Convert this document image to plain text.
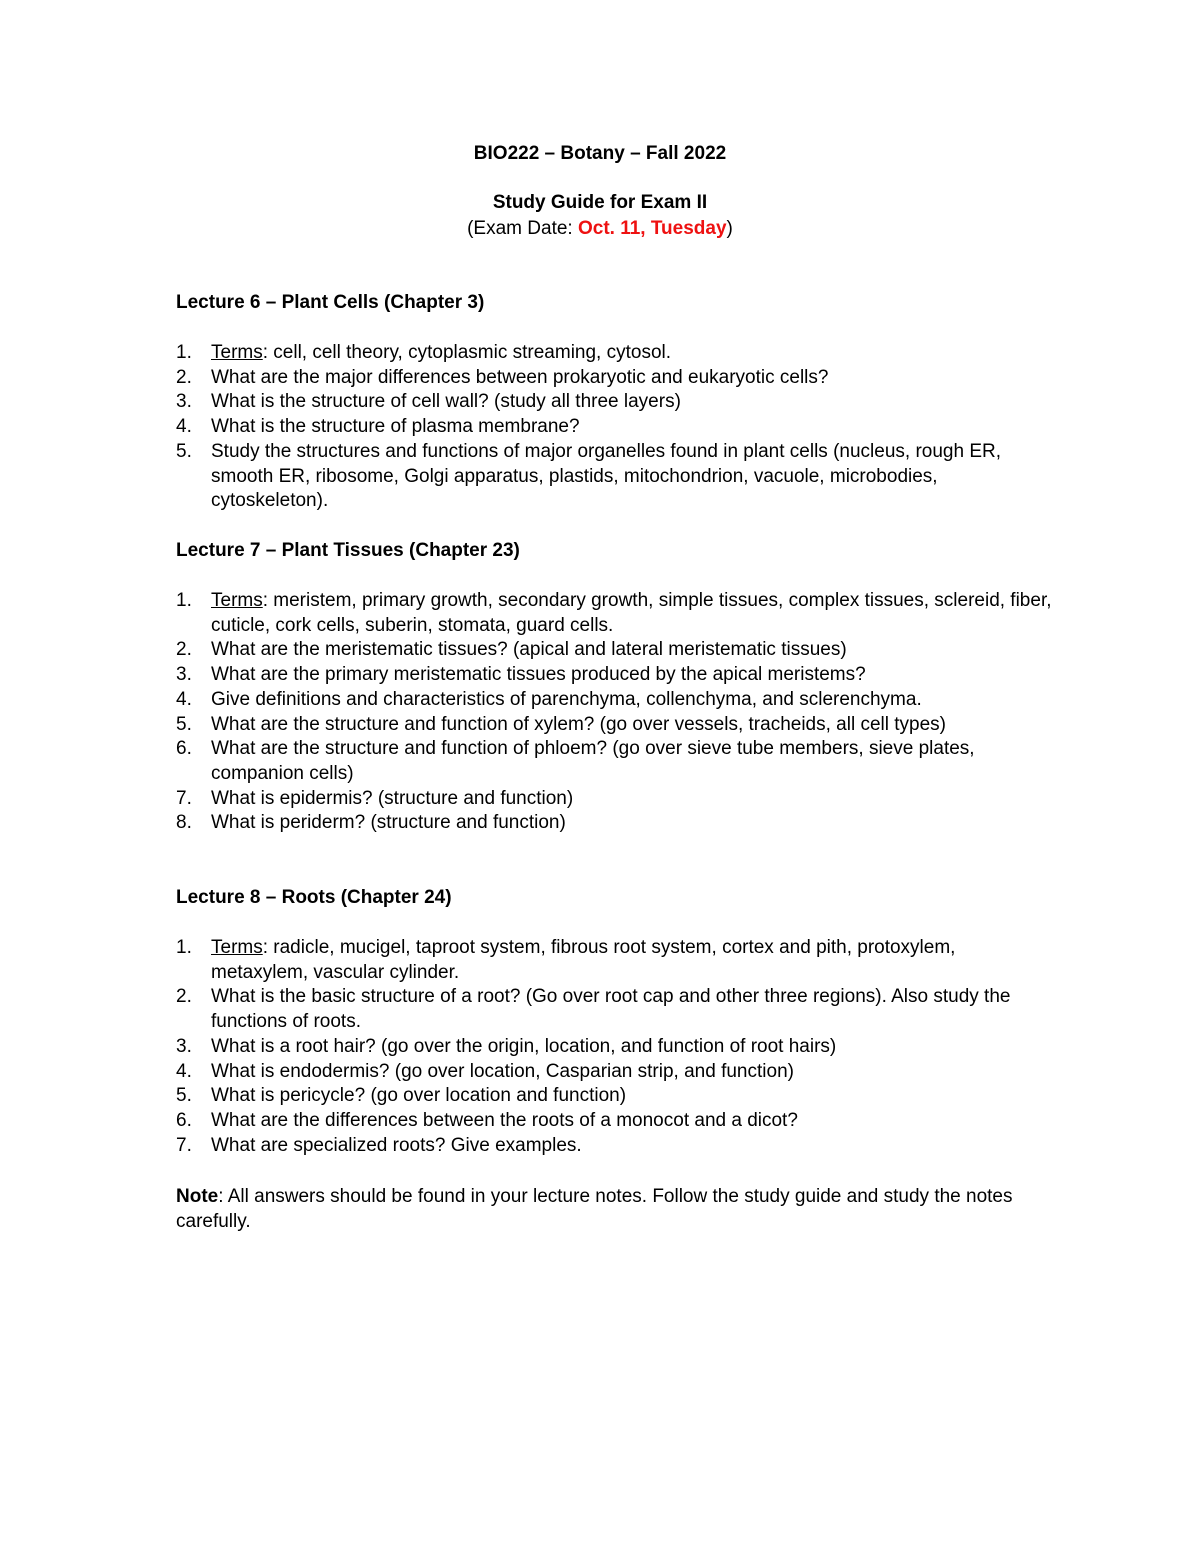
BIO222 – Botany – Fall 2022
Study Guide for Exam II
(Exam Date: Oct. 11, Tuesday)
Lecture 6 – Plant Cells (Chapter 3)
1. Terms: cell, cell theory, cytoplasmic streaming, cytosol.
2. What are the major differences between prokaryotic and eukaryotic cells?
3. What is the structure of cell wall? (study all three layers)
4. What is the structure of plasma membrane?
5. Study the structures and functions of major organelles found in plant cells (nucleus, rough ER, smooth ER, ribosome, Golgi apparatus, plastids, mitochondrion, vacuole, microbodies, cytoskeleton).
Lecture 7 – Plant Tissues (Chapter 23)
1. Terms: meristem, primary growth, secondary growth, simple tissues, complex tissues, sclereid, fiber, cuticle, cork cells, suberin, stomata, guard cells.
2. What are the meristematic tissues? (apical and lateral meristematic tissues)
3. What are the primary meristematic tissues produced by the apical meristems?
4. Give definitions and characteristics of parenchyma, collenchyma, and sclerenchyma.
5. What are the structure and function of xylem? (go over vessels, tracheids, all cell types)
6. What are the structure and function of phloem? (go over sieve tube members, sieve plates, companion cells)
7. What is epidermis? (structure and function)
8. What is periderm? (structure and function)
Lecture 8 – Roots (Chapter 24)
1. Terms: radicle, mucigel, taproot system, fibrous root system, cortex and pith, protoxylem, metaxylem, vascular cylinder.
2. What is the basic structure of a root? (Go over root cap and other three regions). Also study the functions of roots.
3. What is a root hair? (go over the origin, location, and function of root hairs)
4. What is endodermis? (go over location, Casparian strip, and function)
5. What is pericycle? (go over location and function)
6. What are the differences between the roots of a monocot and a dicot?
7. What are specialized roots? Give examples.
Note: All answers should be found in your lecture notes. Follow the study guide and study the notes carefully.
